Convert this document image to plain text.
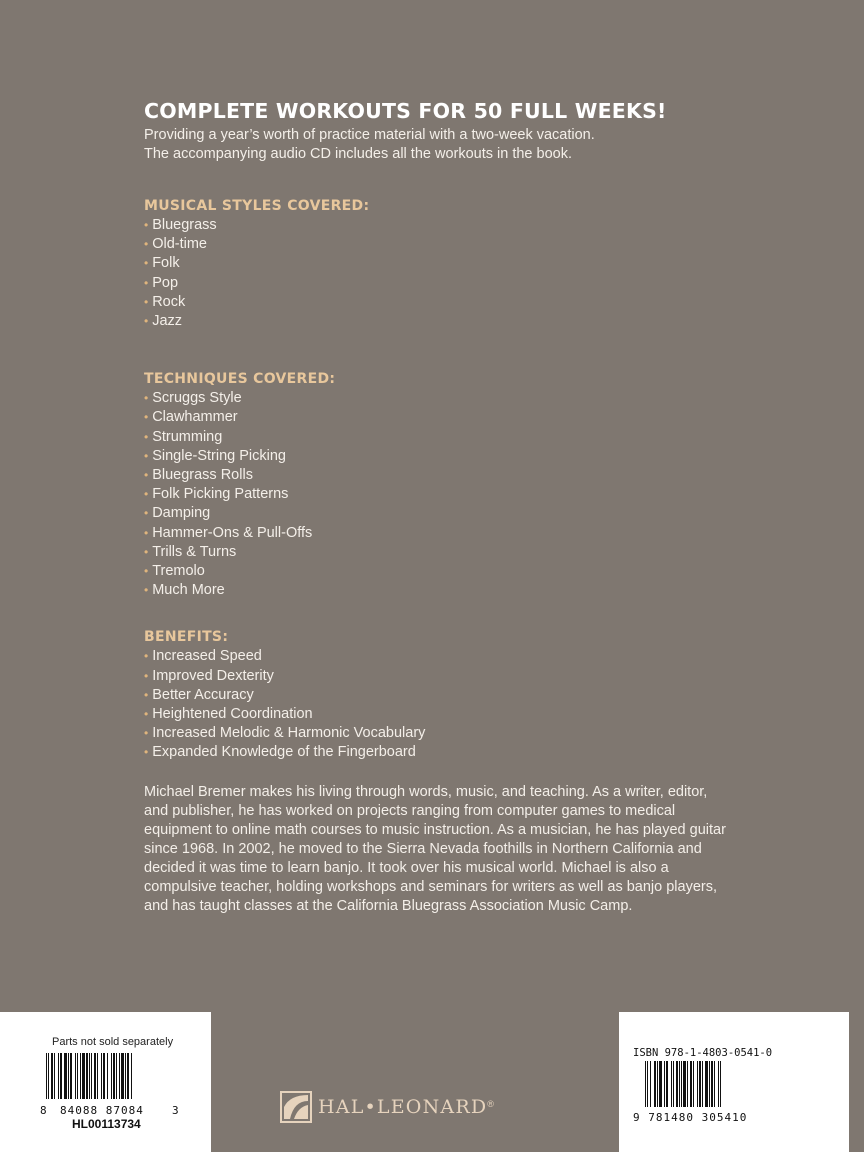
COMPLETE WORKOUTS FOR 50 FULL WEEKS!

Providing a year’s worth of practice material with a two-week vacation.

The accompanying audio CD includes all the workouts in the book.

MUSICAL STYLES COVERED:
• Bluegrass
• Old-time
• Folk
• Pop
• Rock
• Jazz
TECHNIQUES COVERED:
• Scruggs Style
• Clawhammer
• Strumming
• Single-String Picking
• Bluegrass Rolls
• Folk Picking Patterns
• Damping
• Hammer-Ons & Pull-Offs
• Trills & Turns
• Tremolo
• Much More
BENEFITS:
• Increased Speed
• Improved Dexterity
• Better Accuracy
• Heightened Coordination
• Increased Melodic & Harmonic Vocabulary
• Expanded Knowledge of the Fingerboard

Michael Bremer makes his living through words, music, and teaching. As a writer, editor, and publisher, he has worked on projects ranging from computer games to medical equipment to online math courses to music instruction. As a musician, he has played guitar since 1968. In 2002, he moved to the Sierra Nevada foothills in Northern California and decided it was time to learn banjo. It took over his musical world. Michael is also a compulsive teacher, holding workshops and seminars for writers as well as banjo players, and has taught classes at the California Bluegrass Association Music Camp.

Parts not sold separately
8 84088 87084	3
HL00113734
ISBN 978-1-4803-0541-0
9 781480 305410
HAL•LEONARD ®
